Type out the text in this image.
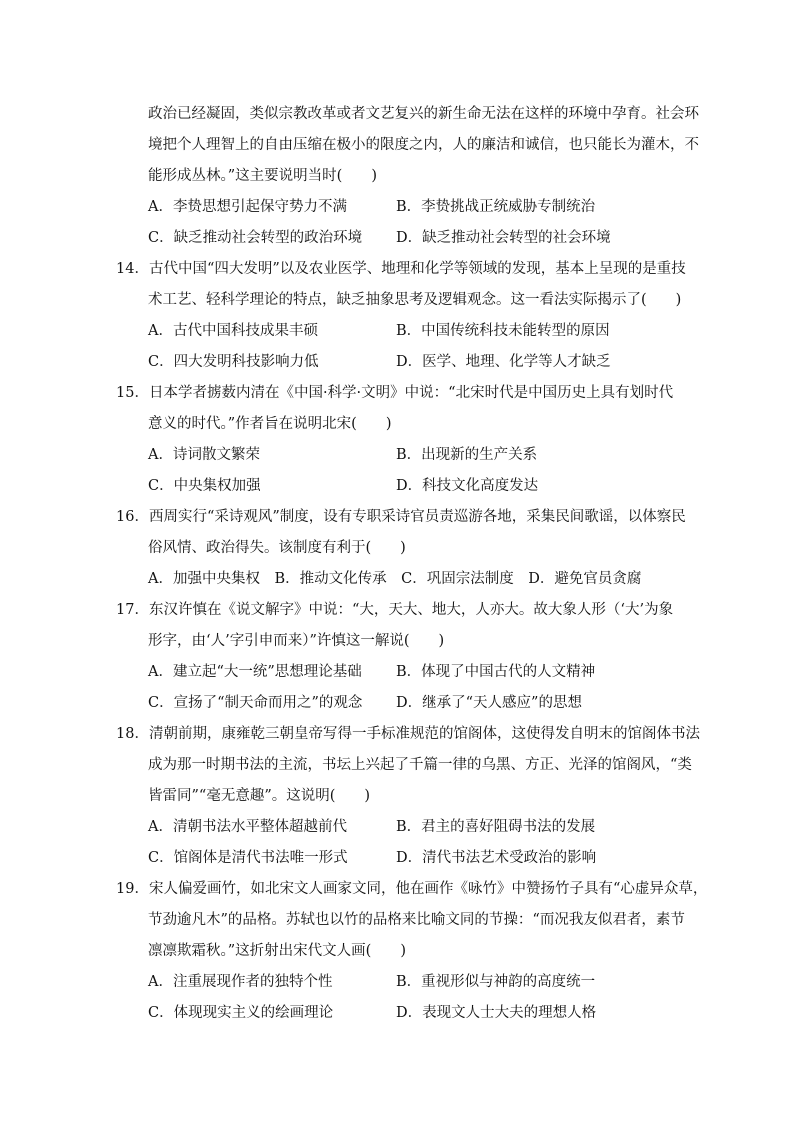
政治已经凝固，类似宗教改革或者文艺复兴的新生命无法在这样的环境中孕育。社会环
境把个人理智上的自由压缩在极小的限度之内，人的廉洁和诚信，也只能长为灌木，不
能形成丛林。”这主要说明当时(　　)
A．李贽思想引起保守势力不满	B．李贽挑战正统威胁专制统治
C．缺乏推动社会转型的政治环境 D．缺乏推动社会转型的社会环境
14．古代中国“四大发明”以及农业医学、地理和化学等领域的发现，基本上呈现的是重技
术工艺、轻科学理论的特点，缺乏抽象思考及逻辑观念。这一看法实际揭示了(　　)
A．古代中国科技成果丰硕	B．中国传统科技未能转型的原因
C．四大发明科技影响力低	D．医学、地理、化学等人才缺乏
15．日本学者掳薮内清在《中国·科学·文明》中说：“北宋时代是中国历史上具有划时代
意义的时代。”作者旨在说明北宋(　　)
A．诗词散文繁荣	B．出现新的生产关系
C．中央集权加强	D．科技文化高度发达
16．西周实行“采诗观风”制度，设有专职采诗官员责巡游各地，采集民间歌谣，以体察民
俗风情、政治得失。该制度有利于(　　)
A．加强中央集权　B．推动文化传承　C．巩固宗法制度　D．避免官员贪腐
17．东汉许慎在《说文解字》中说：“大，天大、地大，人亦大。故大象人形（‘大’为象
形字，由‘人’字引申而来）”许慎这一解说(　　)
A．建立起“大一统”思想理论基础 B．体现了中国古代的人文精神
C．宣扬了“制天命而用之”的观念 D．继承了“天人感应”的思想
18．清朝前期，康雍乾三朝皇帝写得一手标准规范的馆阁体，这使得发自明末的馆阁体书法
成为那一时期书法的主流，书坛上兴起了千篇一律的乌黑、方正、光泽的馆阁风，“类
皆雷同”“毫无意趣”。这说明(　　)
A．清朝书法水平整体超越前代	B．君主的喜好阻碍书法的发展
C．馆阁体是清代书法唯一形式	D．清代书法艺术受政治的影响
19．宋人偏爱画竹，如北宋文人画家文同，他在画作《咏竹》中赞扬竹子具有“心虚异众草，
节劲逾凡木”的品格。苏轼也以竹的品格来比喻文同的节操：“而况我友似君者，素节
凛凛欺霜秋。”这折射出宋代文人画(　　)
A．注重展现作者的独特个性	B．重视形似与神韵的高度统一
C．体现现实主义的绘画理论	D．表现文人士大夫的理想人格
